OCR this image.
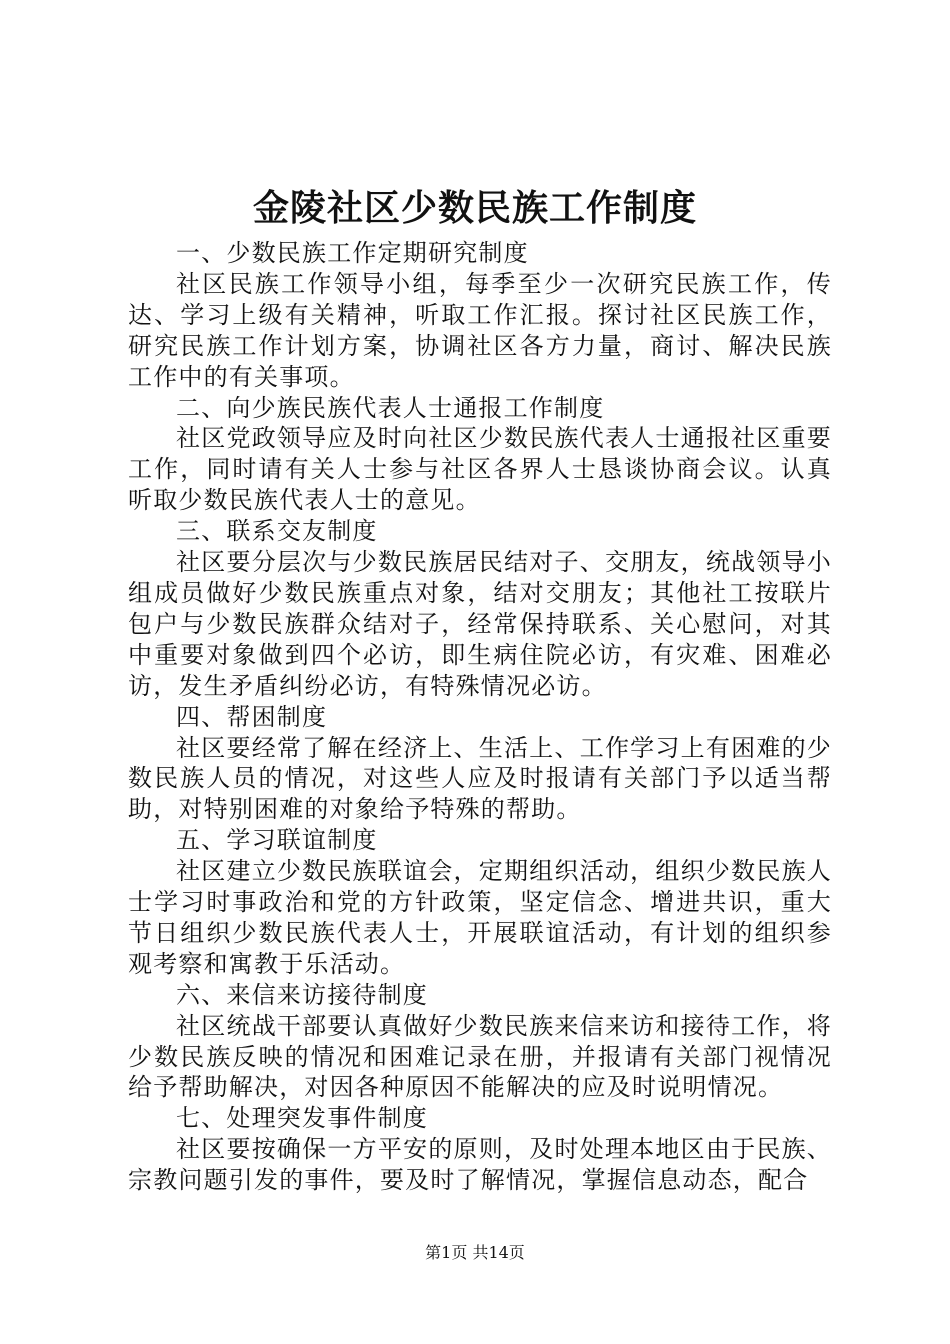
金陵社区少数民族工作制度

一、少数民族工作定期研究制度

社区民族工作领导小组，每季至少一次研究民族工作，传达、学习上级有关精神，听取工作汇报。探讨社区民族工作，研究民族工作计划方案，协调社区各方力量，商讨、解决民族工作中的有关事项。

二、向少族民族代表人士通报工作制度

社区党政领导应及时向社区少数民族代表人士通报社区重要工作，同时请有关人士参与社区各界人士恳谈协商会议。认真听取少数民族代表人士的意见。

三、联系交友制度

社区要分层次与少数民族居民结对子、交朋友，统战领导小组成员做好少数民族重点对象，结对交朋友；其他社工按联片包户与少数民族群众结对子，经常保持联系、关心慰问，对其中重要对象做到四个必访，即生病住院必访，有灾难、困难必访，发生矛盾纠纷必访，有特殊情况必访。

四、帮困制度

社区要经常了解在经济上、生活上、工作学习上有困难的少数民族人员的情况，对这些人应及时报请有关部门予以适当帮助，对特别困难的对象给予特殊的帮助。

五、学习联谊制度

社区建立少数民族联谊会，定期组织活动，组织少数民族人士学习时事政治和党的方针政策，坚定信念、增进共识，重大节日组织少数民族代表人士，开展联谊活动，有计划的组织参观考察和寓教于乐活动。

六、来信来访接待制度

社区统战干部要认真做好少数民族来信来访和接待工作，将少数民族反映的情况和困难记录在册，并报请有关部门视情况给予帮助解决，对因各种原因不能解决的应及时说明情况。

七、处理突发事件制度

社区要按确保一方平安的原则，及时处理本地区由于民族、宗教问题引发的事件，要及时了解情况，掌握信息动态，配合

第1页 共14页
